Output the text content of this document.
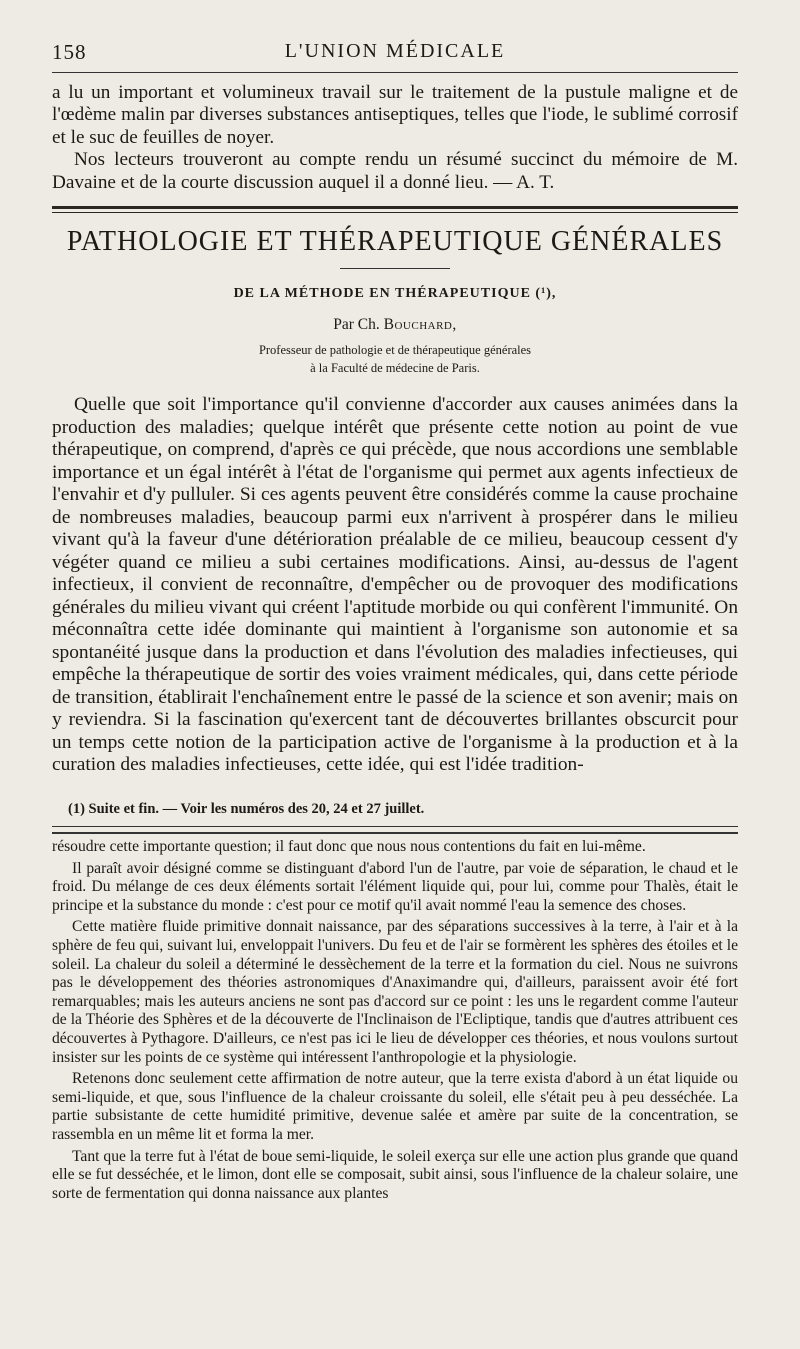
158	L'UNION MÉDICALE

a lu un important et volumineux travail sur le traitement de la pustule maligne et de l'œdème malin par diverses substances antiseptiques, telles que l'iode, le sublimé corrosif et le suc de feuilles de noyer.

Nos lecteurs trouveront au compte rendu un résumé succinct du mémoire de M. Davaine et de la courte discussion auquel il a donné lieu. — A. T.

PATHOLOGIE ET THÉRAPEUTIQUE GÉNÉRALES
DE LA MÉTHODE EN THÉRAPEUTIQUE (¹),
Par Ch. Bouchard,
Professeur de pathologie et de thérapeutique générales
à la Faculté de médecine de Paris.

Quelle que soit l'importance qu'il convienne d'accorder aux causes animées dans la production des maladies; quelque intérêt que présente cette notion au point de vue thérapeutique, on comprend, d'après ce qui précède, que nous accordions une semblable importance et un égal intérêt à l'état de l'organisme qui permet aux agents infectieux de l'envahir et d'y pulluler. Si ces agents peuvent être considérés comme la cause prochaine de nombreuses maladies, beaucoup parmi eux n'arrivent à prospérer dans le milieu vivant qu'à la faveur d'une détérioration préalable de ce milieu, beaucoup cessent d'y végéter quand ce milieu a subi certaines modifications. Ainsi, au-dessus de l'agent infectieux, il convient de reconnaître, d'empêcher ou de provoquer des modifications générales du milieu vivant qui créent l'aptitude morbide ou qui confèrent l'immunité. On méconnaîtra cette idée dominante qui maintient à l'organisme son autonomie et sa spontanéité jusque dans la production et dans l'évolution des maladies infectieuses, qui empêche la thérapeutique de sortir des voies vraiment médicales, qui, dans cette période de transition, établirait l'enchaînement entre le passé de la science et son avenir; mais on y reviendra. Si la fascination qu'exercent tant de découvertes brillantes obscurcit pour un temps cette notion de la participation active de l'organisme à la production et à la curation des maladies infectieuses, cette idée, qui est l'idée tradition-

(1) Suite et fin. — Voir les numéros des 20, 24 et 27 juillet.

résoudre cette importante question; il faut donc que nous nous contentions du fait en lui-même.

Il paraît avoir désigné comme se distinguant d'abord l'un de l'autre, par voie de séparation, le chaud et le froid. Du mélange de ces deux éléments sortait l'élément liquide qui, pour lui, comme pour Thalès, était le principe et la substance du monde : c'est pour ce motif qu'il avait nommé l'eau la semence des choses.

Cette matière fluide primitive donnait naissance, par des séparations successives à la terre, à l'air et à la sphère de feu qui, suivant lui, enveloppait l'univers. Du feu et de l'air se formèrent les sphères des étoiles et le soleil. La chaleur du soleil a déterminé le dessèchement de la terre et la formation du ciel. Nous ne suivrons pas le développement des théories astronomiques d'Anaximandre qui, d'ailleurs, paraissent avoir été fort remarquables; mais les auteurs anciens ne sont pas d'accord sur ce point : les uns le regardent comme l'auteur de la Théorie des Sphères et de la découverte de l'Inclinaison de l'Ecliptique, tandis que d'autres attribuent ces découvertes à Pythagore. D'ailleurs, ce n'est pas ici le lieu de développer ces théories, et nous voulons surtout insister sur les points de ce système qui intéressent l'anthropologie et la physiologie.

Retenons donc seulement cette affirmation de notre auteur, que la terre exista d'abord à un état liquide ou semi-liquide, et que, sous l'influence de la chaleur croissante du soleil, elle s'était peu à peu desséchée. La partie subsistante de cette humidité primitive, devenue salée et amère par suite de la concentration, se rassembla en un même lit et forma la mer.

Tant que la terre fut à l'état de boue semi-liquide, le soleil exerça sur elle une action plus grande que quand elle se fut desséchée, et le limon, dont elle se composait, subit ainsi, sous l'influence de la chaleur solaire, une sorte de fermentation qui donna naissance aux plantes
